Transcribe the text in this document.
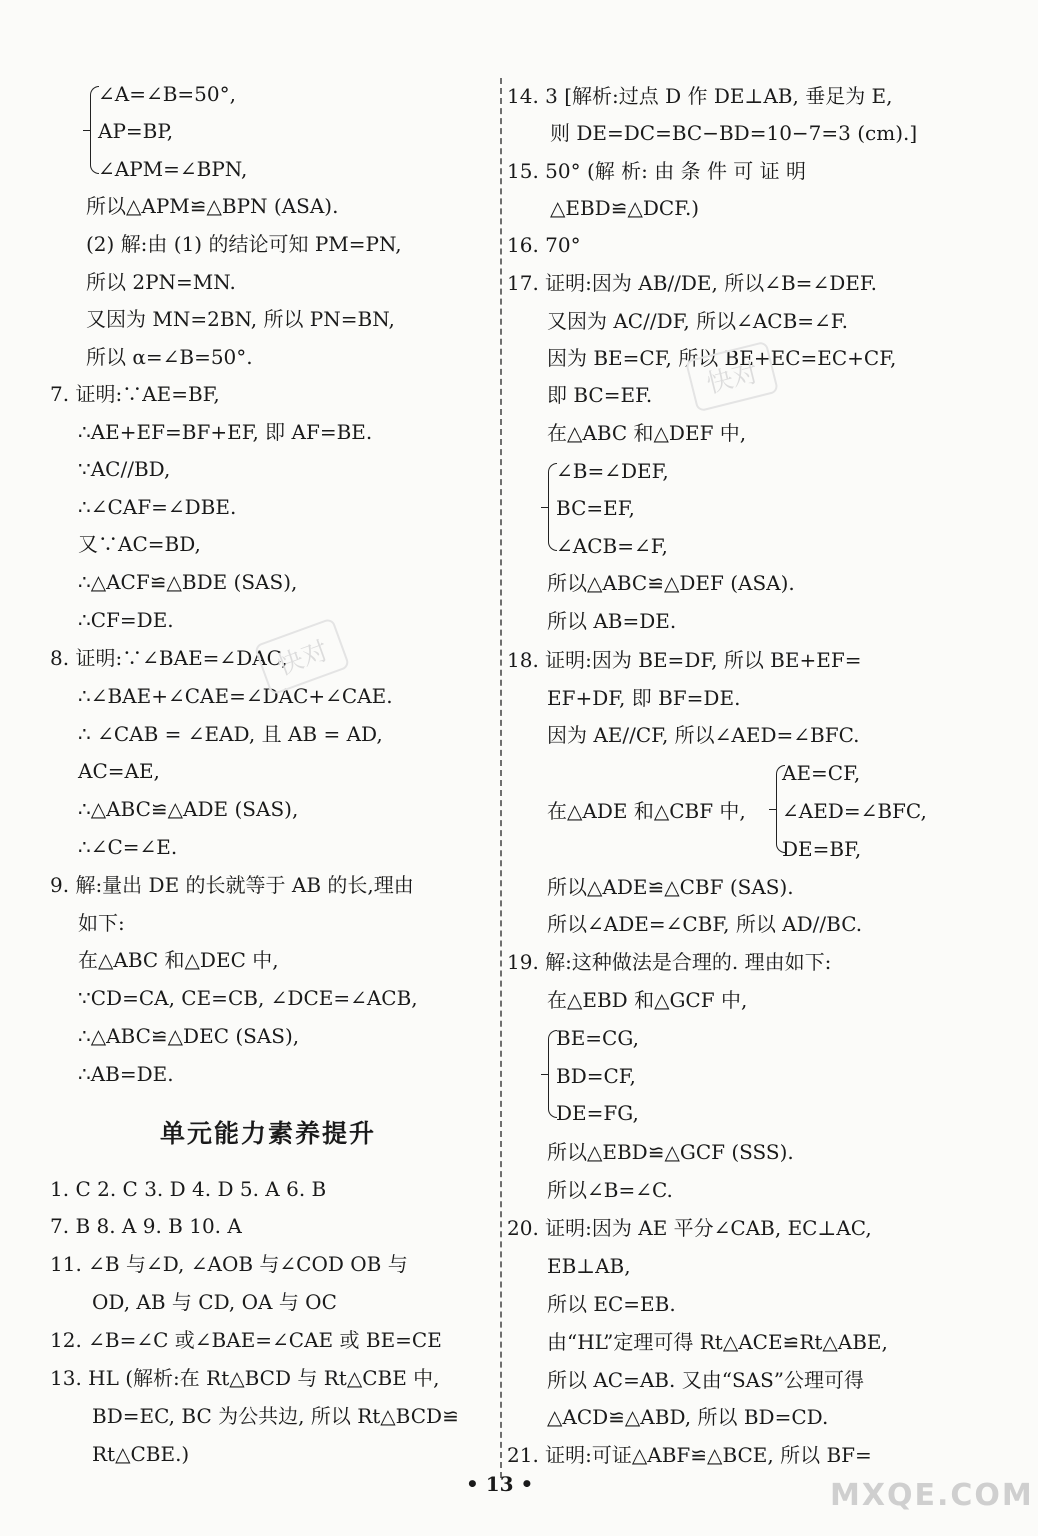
∠A=∠B=50°,
AP=BP,
∠APM=∠BPN,
所以△APM≌△BPN (ASA).
(2) 解:由 (1) 的结论可知 PM=PN,
所以 2PN=MN.
又因为 MN=2BN, 所以 PN=BN,
所以 α=∠B=50°.
7. 证明:∵AE=BF,
∴AE+EF=BF+EF, 即 AF=BE.
∵AC//BD,
∴∠CAF=∠DBE.
又∵AC=BD,
∴△ACF≌△BDE (SAS),
∴CF=DE.
8. 证明:∵∠BAE=∠DAC,
∴∠BAE+∠CAE=∠DAC+∠CAE.
∴ ∠CAB = ∠EAD, 且 AB = AD,
AC=AE,
∴△ABC≌△ADE (SAS),
∴∠C=∠E.
9. 解:量出 DE 的长就等于 AB 的长,理由
如下:
在△ABC 和△DEC 中,
∵CD=CA, CE=CB, ∠DCE=∠ACB,
∴△ABC≌△DEC (SAS),
∴AB=DE.
1. C 2. C 3. D 4. D 5. A 6. B
7. B 8. A 9. B 10. A
11. ∠B 与∠D, ∠AOB 与∠COD OB 与
OD, AB 与 CD, OA 与 OC
12. ∠B=∠C 或∠BAE=∠CAE 或 BE=CE
13. HL (解析:在 Rt△BCD 与 Rt△CBE 中,
BD=EC, BC 为公共边, 所以 Rt△BCD≌
Rt△CBE.)
14. 3 [解析:过点 D 作 DE⊥AB, 垂足为 E,
则 DE=DC=BC−BD=10−7=3 (cm).]
15. 50° (解 析: 由 条 件 可 证 明
△EBD≌△DCF.)
16. 70°
17. 证明:因为 AB//DE, 所以∠B=∠DEF.
又因为 AC//DF, 所以∠ACB=∠F.
因为 BE=CF, 所以 BE+EC=EC+CF,
即 BC=EF.
在△ABC 和△DEF 中,
∠B=∠DEF,
BC=EF,
∠ACB=∠F,
所以△ABC≌△DEF (ASA).
所以 AB=DE.
18. 证明:因为 BE=DF, 所以 BE+EF=
EF+DF, 即 BF=DE.
因为 AE//CF, 所以∠AED=∠BFC.
AE=CF,
在△ADE 和△CBF 中, ∠AED=∠BFC,
DE=BF,
所以△ADE≌△CBF (SAS).
所以∠ADE=∠CBF, 所以 AD//BC.
19. 解:这种做法是合理的. 理由如下:
在△EBD 和△GCF 中,
BE=CG,
BD=CF,
DE=FG,
所以△EBD≌△GCF (SSS).
所以∠B=∠C.
20. 证明:因为 AE 平分∠CAB, EC⊥AC,
EB⊥AB,
所以 EC=EB.
由“HL”定理可得 Rt△ACE≌Rt△ABE,
所以 AC=AB. 又由“SAS”公理可得
△ACD≌△ABD, 所以 BD=CD.
21. 证明:可证△ABF≌△BCE, 所以 BF=
单元能力素养提升
• 13 •
快对
快对
MXQE.COM
